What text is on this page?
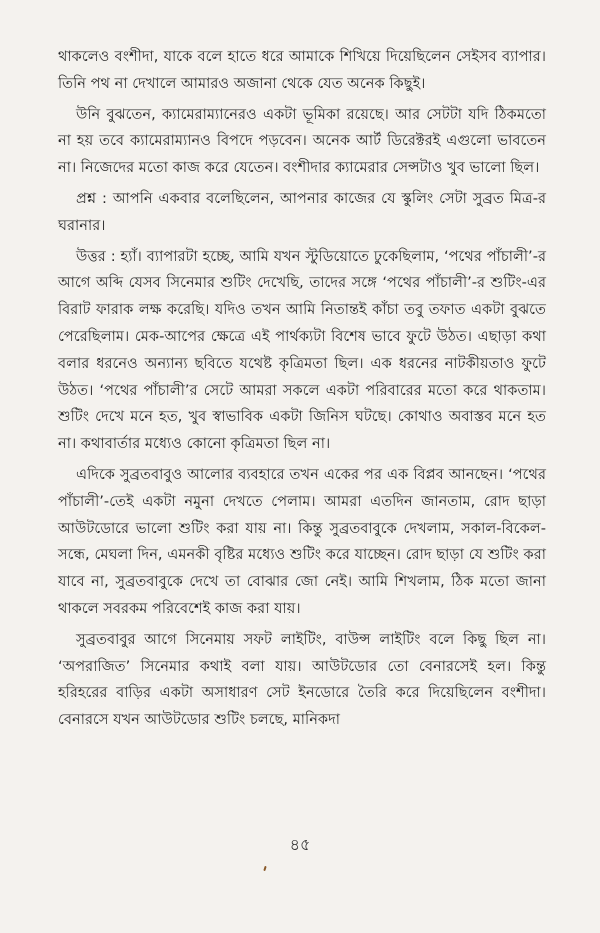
থাকলেও বংশীদা, যাকে বলে হাতে ধরে আমাকে শিখিয়ে দিয়েছিলেন সেইসব ব্যাপার। তিনি পথ না দেখালে আমারও অজানা থেকে যেত অনেক কিছুই।

উনি বুঝতেন, ক্যামেরাম্যানেরও একটা ভূমিকা রয়েছে। আর সেটটা যদি ঠিকমতো না হয় তবে ক্যামেরাম্যানও বিপদে পড়বেন। অনেক আর্ট ডিরেক্টরই এগুলো ভাবতেন না। নিজেদের মতো কাজ করে যেতেন। বংশীদার ক্যামেরার সেন্সটাও খুব ভালো ছিল।

প্রশ্ন : আপনি একবার বলেছিলেন, আপনার কাজের যে স্কুলিং সেটা সুব্রত মিত্র-র ঘরানার।

উত্তর : হ্যাঁ। ব্যাপারটা হচ্ছে, আমি যখন স্টুডিয়োতে ঢুকেছিলাম, ‘পথের পাঁচালী’-র আগে অব্দি যেসব সিনেমার শুটিং দেখেছি, তাদের সঙ্গে ‘পথের পাঁচালী’-র শুটিং-এর বিরাট ফারাক লক্ষ করেছি। যদিও তখন আমি নিতান্তই কাঁচা তবু তফাত একটা বুঝতে পেরেছিলাম। মেক-আপের ক্ষেত্রে এই পার্থক্যটা বিশেষ ভাবে ফুটে উঠত। এছাড়া কথা বলার ধরনেও অন্যান্য ছবিতে যথেষ্ট কৃত্রিমতা ছিল। এক ধরনের নাটকীয়তাও ফুটে উঠত। ‘পথের পাঁচালী’র সেটে আমরা সকলে একটা পরিবারের মতো করে থাকতাম। শুটিং দেখে মনে হত, খুব স্বাভাবিক একটা জিনিস ঘটছে। কোথাও অবাস্তব মনে হত না। কথাবার্তার মধ্যেও কোনো কৃত্রিমতা ছিল না।

এদিকে সুব্রতবাবুও আলোর ব্যবহারে তখন একের পর এক বিপ্লব আনছেন। ‘পথের পাঁচালী’-তেই একটা নমুনা দেখতে পেলাম। আমরা এতদিন জানতাম, রোদ ছাড়া আউটডোরে ভালো শুটিং করা যায় না। কিন্তু সুব্রতবাবুকে দেখলাম, সকাল-বিকেল-সন্ধে, মেঘলা দিন, এমনকী বৃষ্টির মধ্যেও শুটিং করে যাচ্ছেন। রোদ ছাড়া যে শুটিং করা যাবে না, সুব্রতবাবুকে দেখে তা বোঝার জো নেই। আমি শিখলাম, ঠিক মতো জানা থাকলে সবরকম পরিবেশেই কাজ করা যায়।

সুব্রতবাবুর আগে সিনেমায় সফট লাইটিং, বাউন্স লাইটিং বলে কিছু ছিল না। ‘অপরাজিত’ সিনেমার কথাই বলা যায়। আউটডোর তো বেনারসেই হল। কিন্তু হরিহরের বাড়ির একটা অসাধারণ সেট ইনডোরে তৈরি করে দিয়েছিলেন বংশীদা। বেনারসে যখন আউটডোর শুটিং চলছে, মানিকদা

৪৫
